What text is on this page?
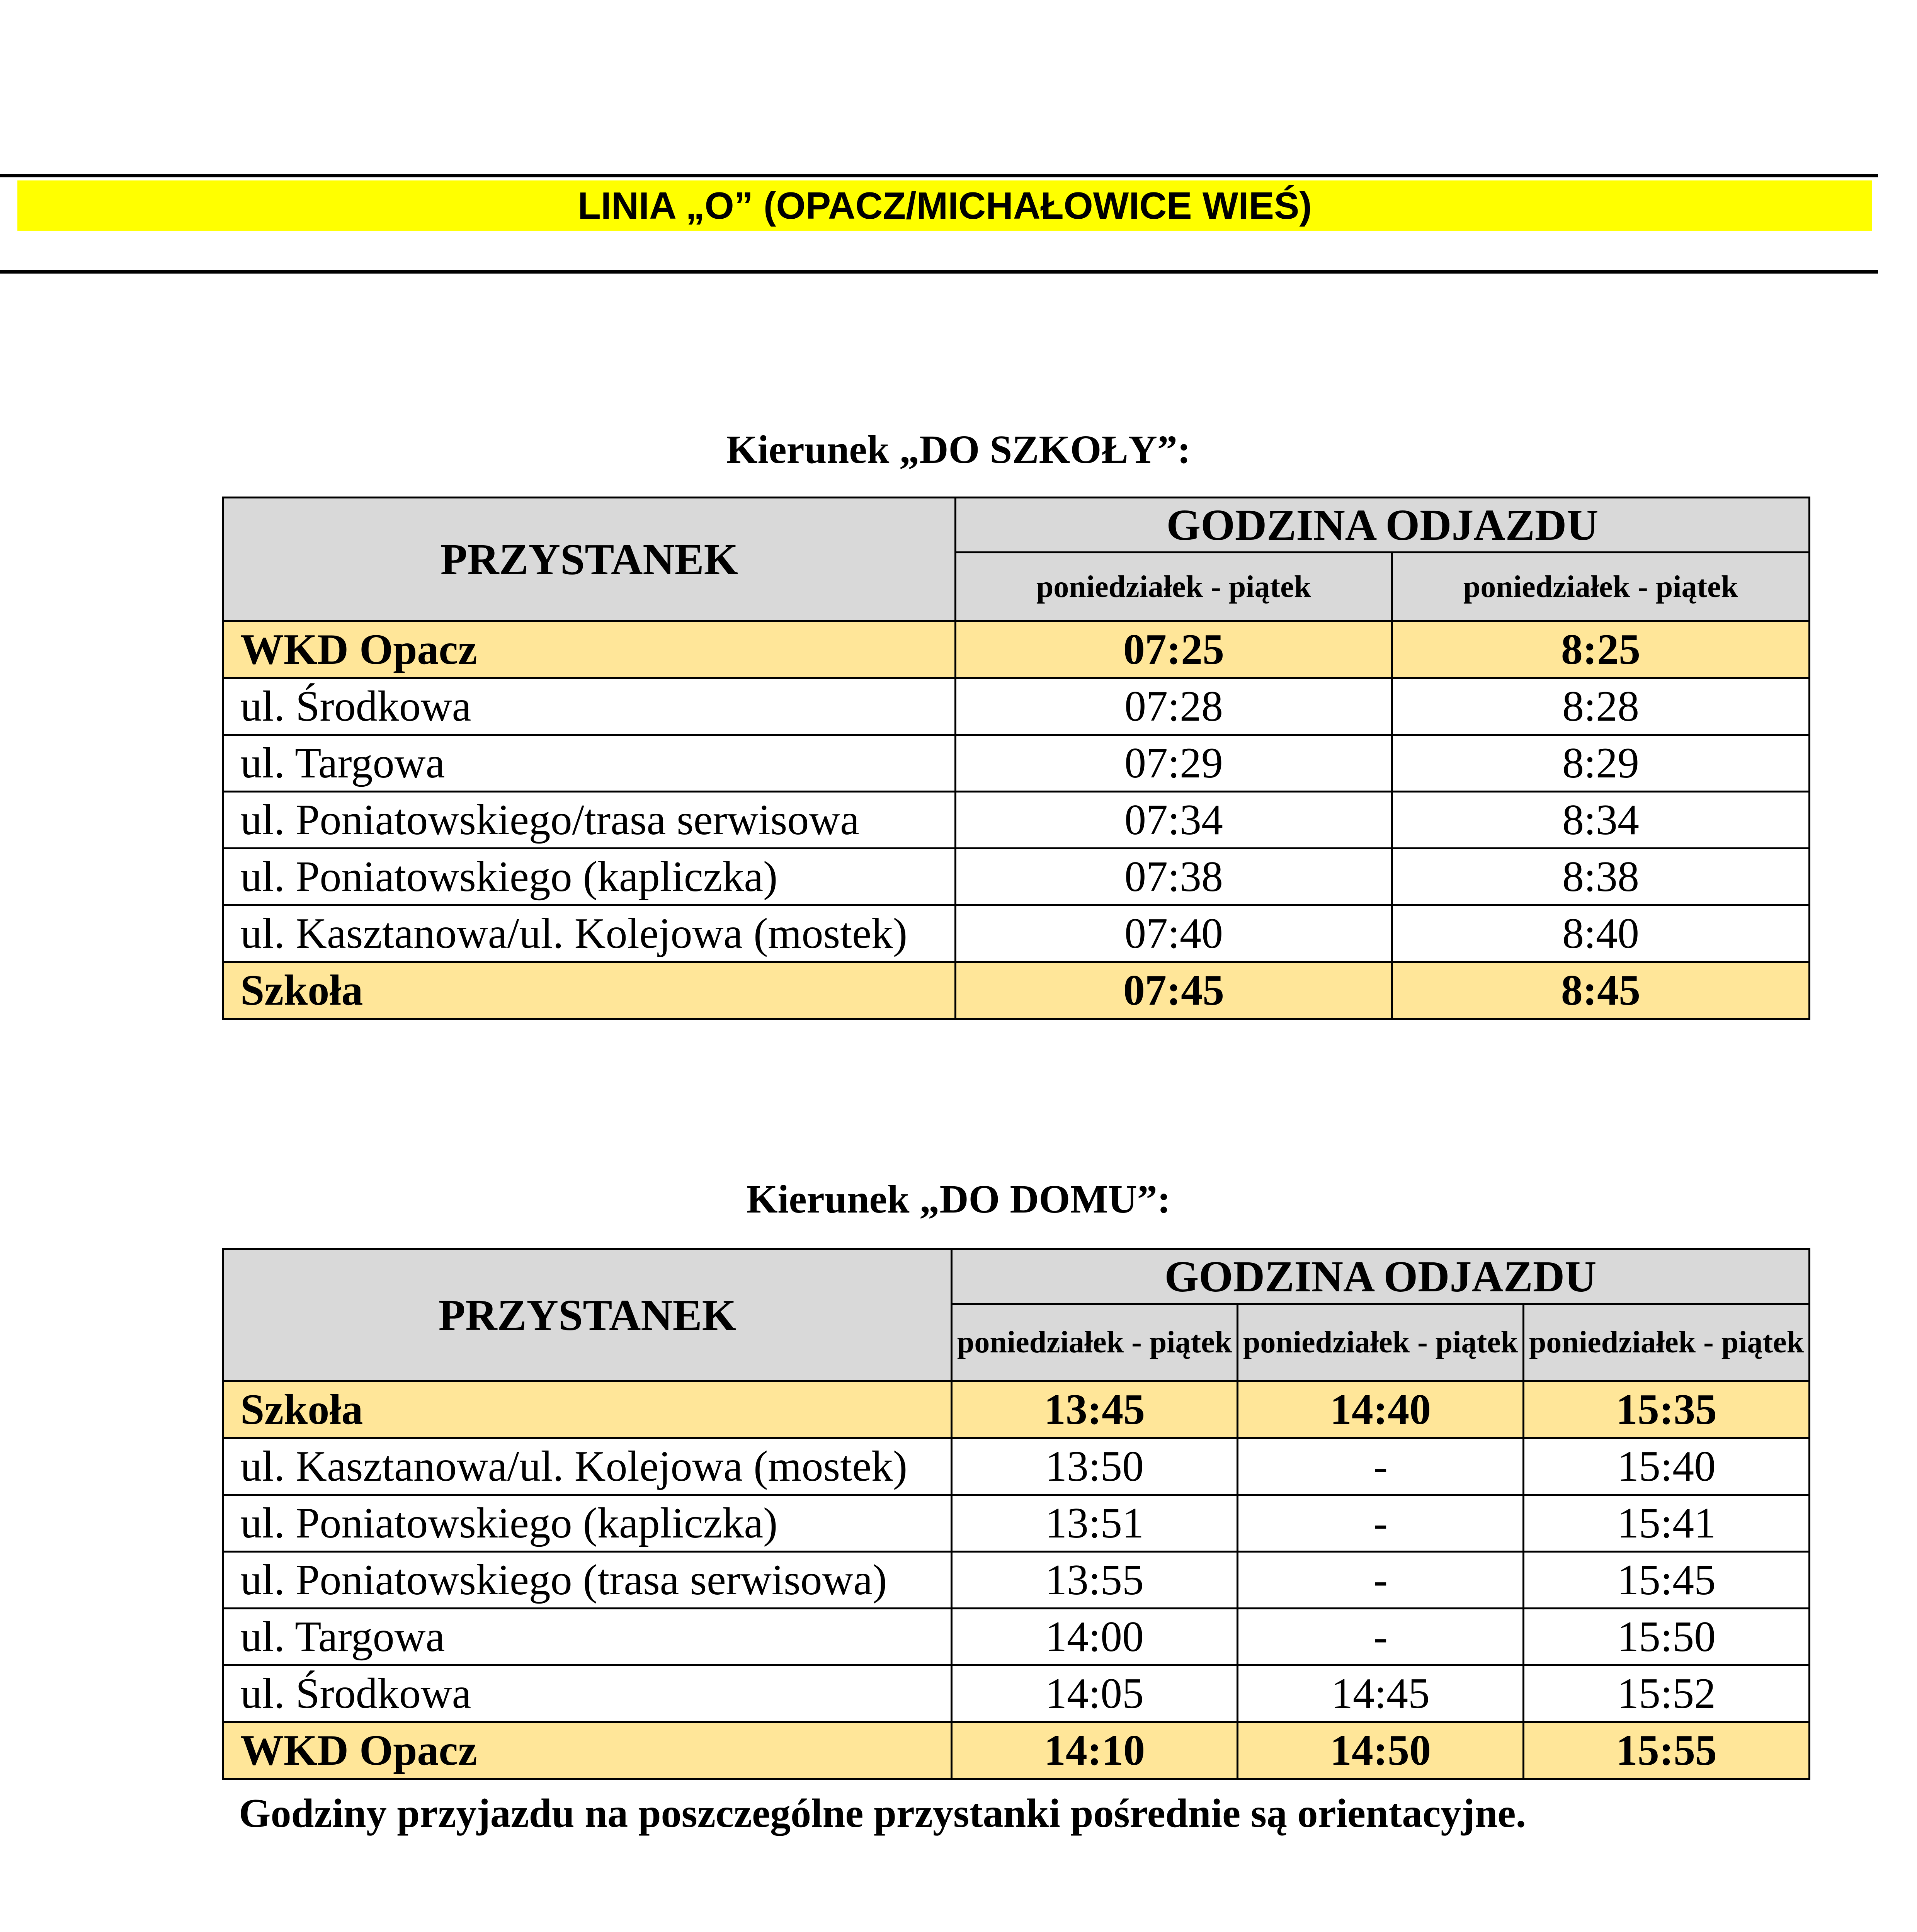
LINIA „O” (OPACZ/MICHAŁOWICE WIEŚ)
Kierunek „DO SZKOŁY”:
PRZYSTANEK	GODZINA ODJAZDU	
	poniedziałek - piątek	poniedziałek - piątek
WKD Opacz	07:25	8:25
ul. Środkowa	07:28	8:28
ul. Targowa	07:29	8:29
ul. Poniatowskiego/trasa serwisowa	07:34	8:34
ul. Poniatowskiego (kapliczka)	07:38	8:38
ul. Kasztanowa/ul. Kolejowa (mostek)	07:40	8:40
Szkoła	07:45	8:45
Kierunek „DO DOMU”:
PRZYSTANEK	GODZINA ODJAZDU		
	poniedziałek - piątek	poniedziałek - piątek	poniedziałek - piątek
Szkoła	13:45	14:40	15:35
ul. Kasztanowa/ul. Kolejowa (mostek)	13:50	-	15:40
ul. Poniatowskiego (kapliczka)	13:51	-	15:41
ul. Poniatowskiego (trasa serwisowa)	13:55	-	15:45
ul. Targowa	14:00	-	15:50
ul. Środkowa	14:05	14:45	15:52
WKD Opacz	14:10	14:50	15:55
Godziny przyjazdu na poszczególne przystanki pośrednie są orientacyjne.
